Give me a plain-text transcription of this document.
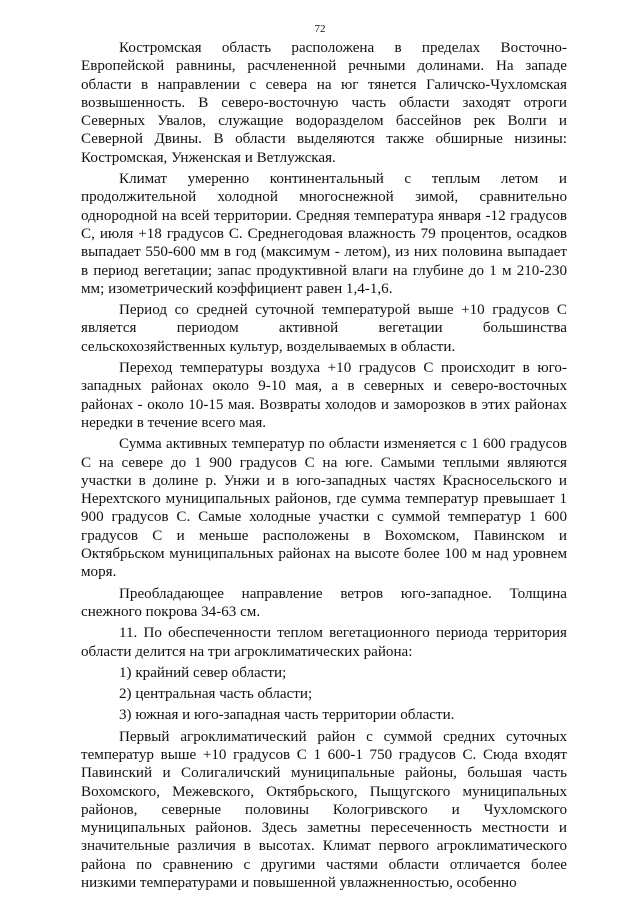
72

Костромская область расположена в пределах Восточно-Европейской равнины, расчлененной речными долинами. На западе области в направлении с севера на юг тянется Галичско-Чухломская возвышенность. В северо-восточную часть области заходят отроги Северных Увалов, служащие водоразделом бассейнов рек Волги и Северной Двины. В области выделяются также обширные низины: Костромская, Унженская и Ветлужская.

Климат умеренно континентальный с теплым летом и продолжительной холодной многоснежной зимой, сравнительно однородной на всей территории. Средняя температура января -12 градусов С, июля +18 градусов С. Среднегодовая влажность 79 процентов, осадков выпадает 550-600 мм в год (максимум - летом), из них половина выпадает в период вегетации; запас продуктивной влаги на глубине до 1 м 210-230 мм; изометрический коэффициент равен 1,4-1,6.

Период со средней суточной температурой выше +10 градусов С является периодом активной вегетации большинства сельскохозяйственных культур, возделываемых в области.

Переход температуры воздуха +10 градусов С происходит в юго-западных районах около 9-10 мая, а в северных и северо-восточных районах - около 10-15 мая. Возвраты холодов и заморозков в этих районах нередки в течение всего мая.

Сумма активных температур по области изменяется с 1 600 градусов С на севере до 1 900 градусов С на юге. Самыми теплыми являются участки в долине р. Унжи и в юго-западных частях Красносельского и Нерехтского муниципальных районов, где сумма температур превышает 1 900 градусов С. Самые холодные участки с суммой температур 1 600 градусов С и меньше расположены в Вохомском, Павинском и Октябрьском муниципальных районах на высоте более 100 м над уровнем моря.

Преобладающее направление ветров юго-западное. Толщина снежного покрова 34-63 см.

11. По обеспеченности теплом вегетационного периода территория области делится на три агроклиматических района:

1) крайний север области;

2) центральная часть области;

3) южная и юго-западная часть территории области.

Первый агроклиматический район с суммой средних суточных температур выше +10 градусов С 1 600-1 750 градусов С. Сюда входят Павинский и Солигаличский муниципальные районы, большая часть Вохомского, Межевского, Октябрьского, Пыщугского муниципальных районов, северные половины Кологривского и Чухломского муниципальных районов. Здесь заметны пересеченность местности и значительные различия в высотах. Климат первого агроклиматического района по сравнению с другими частями области отличается более низкими температурами и повышенной увлажненностью, особенно
